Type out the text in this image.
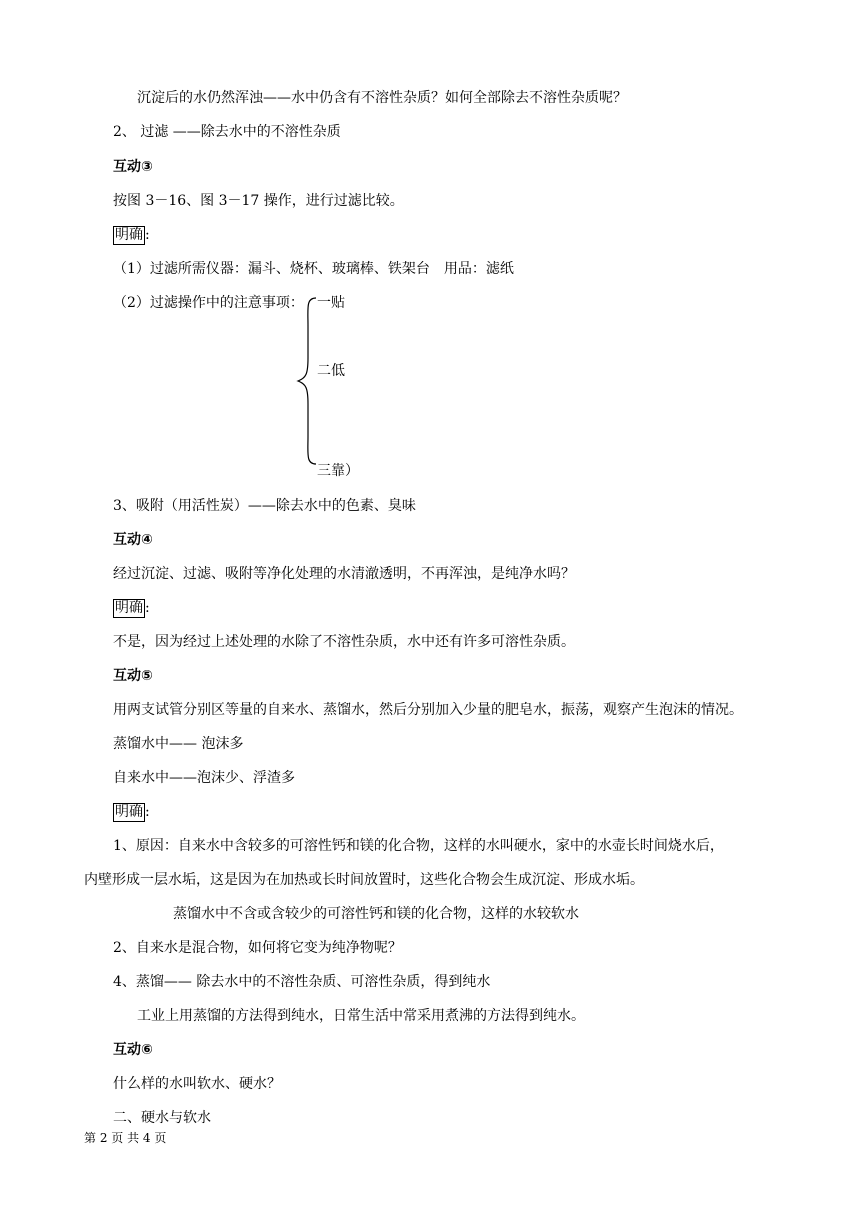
沉淀后的水仍然浑浊——水中仍含有不溶性杂质？如何全部除去不溶性杂质呢？
2、 过滤 ——除去水中的不溶性杂质
互动③
按图 3－16、图 3－17 操作，进行过滤比较。
明确 :
（1）过滤所需仪器：漏斗、烧杯、玻璃棒、铁架台　用品：滤纸
（2）过滤操作中的注意事项： 一贴
二低
三靠）
3、吸附（用活性炭）——除去水中的色素、臭味
互动④
经过沉淀、过滤、吸附等净化处理的水清澈透明，不再浑浊，是纯净水吗？
明确 :
不是，因为经过上述处理的水除了不溶性杂质，水中还有许多可溶性杂质。
互动⑤
用两支试管分别区等量的自来水、蒸馏水，然后分别加入少量的肥皂水，振荡，观察产生泡沫的情况。
蒸馏水中—— 泡沫多
自来水中——泡沫少、浮渣多
明确 :
1、原因：自来水中含较多的可溶性钙和镁的化合物，这样的水叫硬水，家中的水壶长时间烧水后，
内壁形成一层水垢，这是因为在加热或长时间放置时，这些化合物会生成沉淀、形成水垢。
蒸馏水中不含或含较少的可溶性钙和镁的化合物，这样的水较软水
2、自来水是混合物，如何将它变为纯净物呢？
4、蒸馏—— 除去水中的不溶性杂质、可溶性杂质，得到纯水
工业上用蒸馏的方法得到纯水，日常生活中常采用煮沸的方法得到纯水。
互动⑥
什么样的水叫软水、硬水？
二、硬水与软水
第 2 页 共 4 页
